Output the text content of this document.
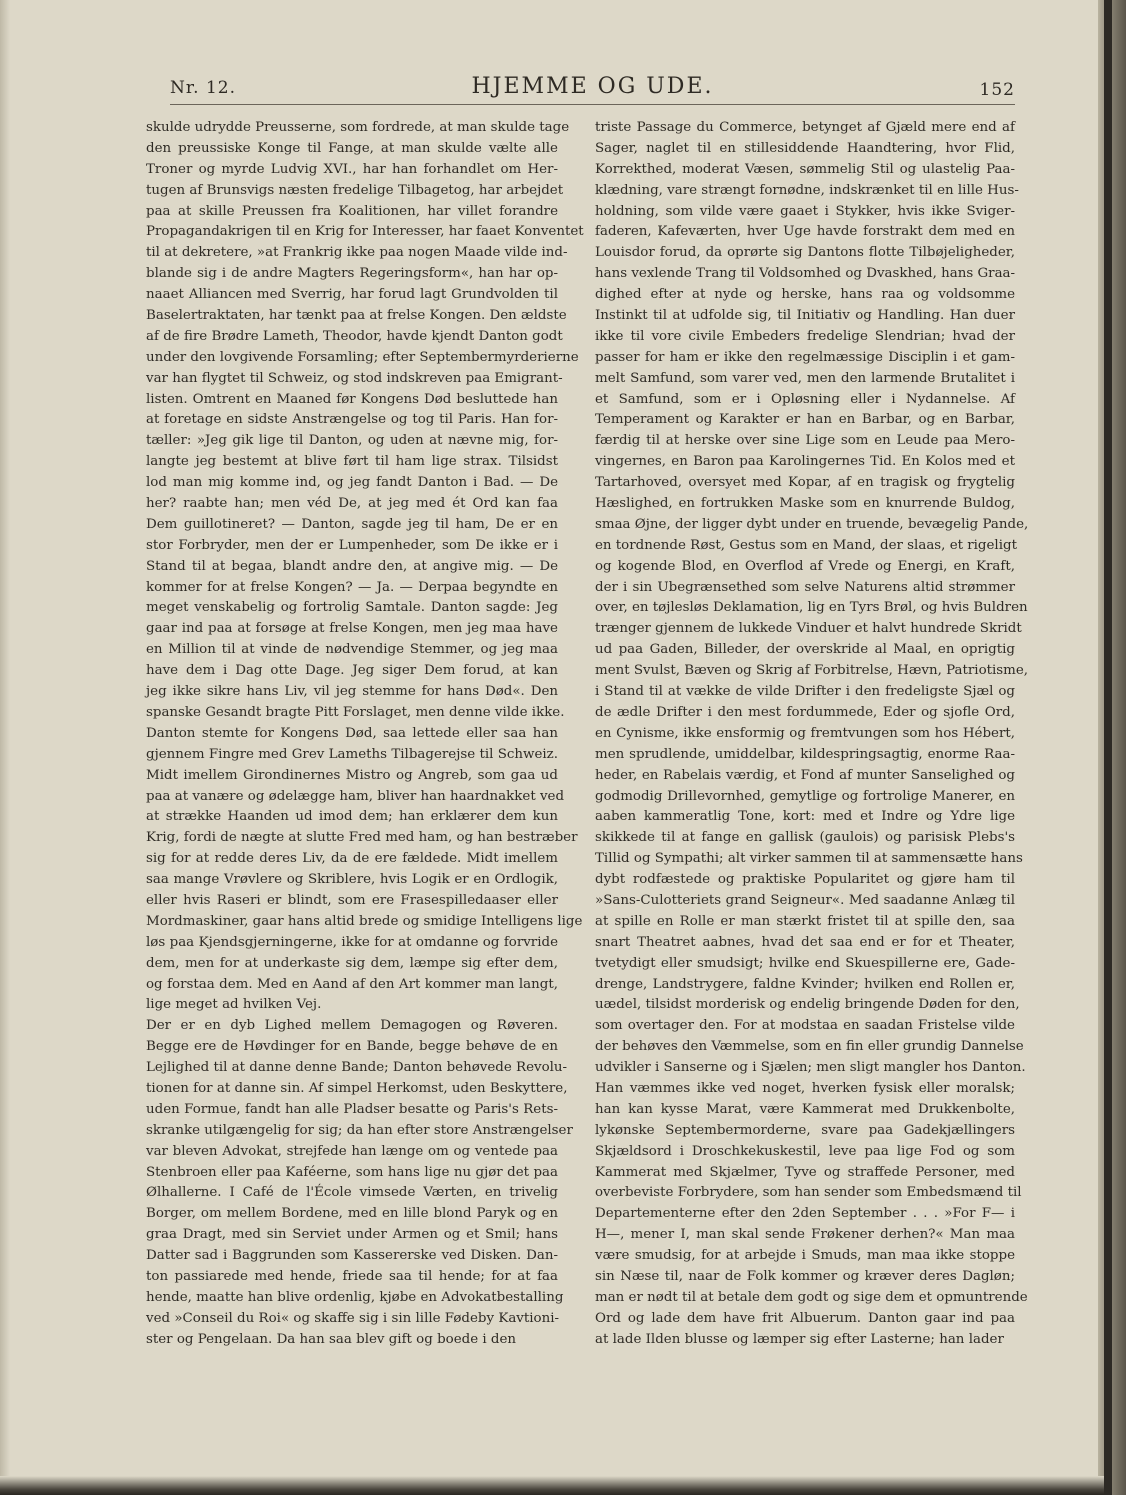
Nr. 12.	HJEMME OG UDE.	152
skulde udrydde Preusserne, som fordrede, at man skulde tage
den preussiske Konge til Fange, at man skulde vælte alle
Troner og myrde Ludvig XVI., har han forhandlet om Her-
tugen af Brunsvigs næsten fredelige Tilbagetog, har arbejdet
paa at skille Preussen fra Koalitionen, har villet forandre
Propagandakrigen til en Krig for Interesser, har faaet Konventet
til at dekretere, »at Frankrig ikke paa nogen Maade vilde ind-
blande sig i de andre Magters Regeringsform«, han har op-
naaet Alliancen med Sverrig, har forud lagt Grundvolden til
Baselertraktaten, har tænkt paa at frelse Kongen. Den ældste
af de fire Brødre Lameth, Theodor, havde kjendt Danton godt
under den lovgivende Forsamling; efter Septembermyrderierne
var han flygtet til Schweiz, og stod indskreven paa Emigrant-
listen. Omtrent en Maaned før Kongens Død besluttede han
at foretage en sidste Anstrængelse og tog til Paris. Han for-
tæller: »Jeg gik lige til Danton, og uden at nævne mig, for-
langte jeg bestemt at blive ført til ham lige strax. Tilsidst
lod man mig komme ind, og jeg fandt Danton i Bad. — De
her? raabte han; men véd De, at jeg med ét Ord kan faa
Dem guillotineret? — Danton, sagde jeg til ham, De er en
stor Forbryder, men der er Lumpenheder, som De ikke er i
Stand til at begaa, blandt andre den, at angive mig. — De
kommer for at frelse Kongen? — Ja. — Derpaa begyndte en
meget venskabelig og fortrolig Samtale. Danton sagde: Jeg
gaar ind paa at forsøge at frelse Kongen, men jeg maa have
en Million til at vinde de nødvendige Stemmer, og jeg maa
have dem i Dag otte Dage. Jeg siger Dem forud, at kan
jeg ikke sikre hans Liv, vil jeg stemme for hans Død«. Den
spanske Gesandt bragte Pitt Forslaget, men denne vilde ikke.
Danton stemte for Kongens Død, saa lettede eller saa han
gjennem Fingre med Grev Lameths Tilbagerejse til Schweiz.
Midt imellem Girondinernes Mistro og Angreb, som gaa ud
paa at vanære og ødelægge ham, bliver han haardnakket ved
at strække Haanden ud imod dem; han erklærer dem kun
Krig, fordi de nægte at slutte Fred med ham, og han bestræber
sig for at redde deres Liv, da de ere fældede. Midt imellem
saa mange Vrøvlere og Skriblere, hvis Logik er en Ordlogik,
eller hvis Raseri er blindt, som ere Frasespilledaaser eller
Mordmaskiner, gaar hans altid brede og smidige Intelligens lige
løs paa Kjendsgjerningerne, ikke for at omdanne og forvride
dem, men for at underkaste sig dem, læmpe sig efter dem,
og forstaa dem. Med en Aand af den Art kommer man langt,
lige meget ad hvilken Vej.
Der er en dyb Lighed mellem Demagogen og Røveren.
Begge ere de Høvdinger for en Bande, begge behøve de en
Lejlighed til at danne denne Bande; Danton behøvede Revolu-
tionen for at danne sin. Af simpel Herkomst, uden Beskyttere,
uden Formue, fandt han alle Pladser besatte og Paris's Rets-
skranke utilgængelig for sig; da han efter store Anstrængelser
var bleven Advokat, strejfede han længe om og ventede paa
Stenbroen eller paa Kaféerne, som hans lige nu gjør det paa
Ølhallerne. I Café de l'École vimsede Værten, en trivelig
Borger, om mellem Bordene, med en lille blond Paryk og en
graa Dragt, med sin Serviet under Armen og et Smil; hans
Datter sad i Baggrunden som Kassererske ved Disken. Dan-
ton passiarede med hende, friede saa til hende; for at faa
hende, maatte han blive ordenlig, kjøbe en Advokatbestalling
ved »Conseil du Roi« og skaffe sig i sin lille Fødeby Kavtioni-
ster og Pengelaan. Da han saa blev gift og boede i den
triste Passage du Commerce, betynget af Gjæld mere end af
Sager, naglet til en stillesiddende Haandtering, hvor Flid,
Korrekthed, moderat Væsen, sømmelig Stil og ulastelig Paa-
klædning, vare strængt fornødne, indskrænket til en lille Hus-
holdning, som vilde være gaaet i Stykker, hvis ikke Sviger-
faderen, Kafeværten, hver Uge havde forstrakt dem med en
Louisdor forud, da oprørte sig Dantons flotte Tilbøjeligheder,
hans vexlende Trang til Voldsomhed og Dvaskhed, hans Graa-
dighed efter at nyde og herske, hans raa og voldsomme
Instinkt til at udfolde sig, til Initiativ og Handling. Han duer
ikke til vore civile Embeders fredelige Slendrian; hvad der
passer for ham er ikke den regelmæssige Disciplin i et gam-
melt Samfund, som varer ved, men den larmende Brutalitet i
et Samfund, som er i Opløsning eller i Nydannelse. Af
Temperament og Karakter er han en Barbar, og en Barbar,
færdig til at herske over sine Lige som en Leude paa Mero-
vingernes, en Baron paa Karolingernes Tid. En Kolos med et
Tartarhoved, oversyet med Kopar, af en tragisk og frygtelig
Hæslighed, en fortrukken Maske som en knurrende Buldog,
smaa Øjne, der ligger dybt under en truende, bevægelig Pande,
en tordnende Røst, Gestus som en Mand, der slaas, et rigeligt
og kogende Blod, en Overflod af Vrede og Energi, en Kraft,
der i sin Ubegrænsethed som selve Naturens altid strømmer
over, en tøjlesløs Deklamation, lig en Tyrs Brøl, og hvis Buldren
trænger gjennem de lukkede Vinduer et halvt hundrede Skridt
ud paa Gaden, Billeder, der overskride al Maal, en oprigtig
ment Svulst, Bæven og Skrig af Forbitrelse, Hævn, Patriotisme,
i Stand til at vække de vilde Drifter i den fredeligste Sjæl og
de ædle Drifter i den mest fordummede, Eder og sjofle Ord,
en Cynisme, ikke ensformig og fremtvungen som hos Hébert,
men sprudlende, umiddelbar, kildespringsagtig, enorme Raa-
heder, en Rabelais værdig, et Fond af munter Sanselighed og
godmodig Drillevornhed, gemytlige og fortrolige Manerer, en
aaben kammeratlig Tone, kort: med et Indre og Ydre lige
skikkede til at fange en gallisk (gaulois) og parisisk Plebs's
Tillid og Sympathi; alt virker sammen til at sammensætte hans
dybt rodfæstede og praktiske Popularitet og gjøre ham til
»Sans-Culotteriets grand Seigneur«. Med saadanne Anlæg til
at spille en Rolle er man stærkt fristet til at spille den, saa
snart Theatret aabnes, hvad det saa end er for et Theater,
tvetydigt eller smudsigt; hvilke end Skuespillerne ere, Gade-
drenge, Landstrygere, faldne Kvinder; hvilken end Rollen er,
uædel, tilsidst morderisk og endelig bringende Døden for den,
som overtager den. For at modstaa en saadan Fristelse vilde
der behøves den Væmmelse, som en fin eller grundig Dannelse
udvikler i Sanserne og i Sjælen; men sligt mangler hos Danton.
Han væmmes ikke ved noget, hverken fysisk eller moralsk;
han kan kysse Marat, være Kammerat med Drukkenbolte,
lykønske Septembermorderne, svare paa Gadekjællingers
Skjældsord i Droschkekuskestil, leve paa lige Fod og som
Kammerat med Skjælmer, Tyve og straffede Personer, med
overbeviste Forbrydere, som han sender som Embedsmænd til
Departementerne efter den 2den September . . . »For F— i
H—, mener I, man skal sende Frøkener derhen?« Man maa
være smudsig, for at arbejde i Smuds, man maa ikke stoppe
sin Næse til, naar de Folk kommer og kræver deres Dagløn;
man er nødt til at betale dem godt og sige dem et opmuntrende
Ord og lade dem have frit Albuerum. Danton gaar ind paa
at lade Ilden blusse og læmper sig efter Lasterne; han lader
